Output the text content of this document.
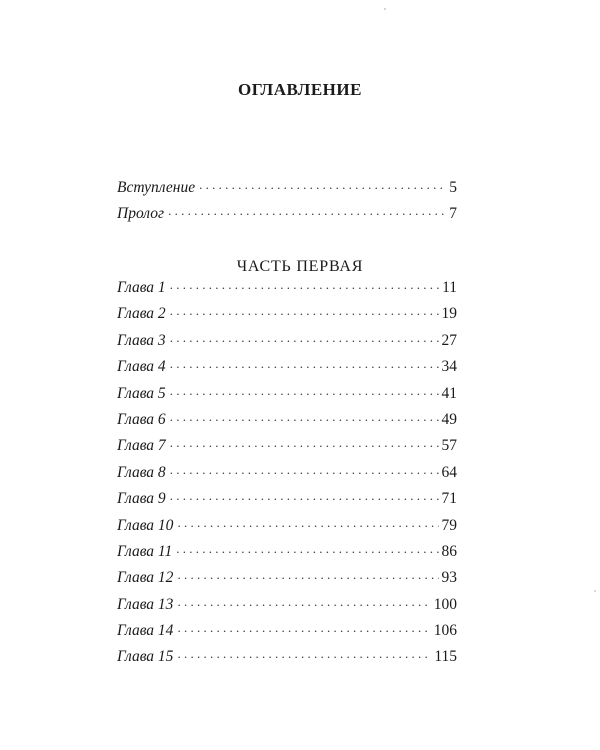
ОГЛАВЛЕНИЕ
Вступление . . .	5
Пролог . . .	7
ЧАСТЬ ПЕРВАЯ
Глава 1 . . .	11
Глава 2 . . .	19
Глава 3 . . .	27
Глава 4 . . .	34
Глава 5 . . .	41
Глава 6 . . .	49
Глава 7 . . .	57
Глава 8 . . .	64
Глава 9 . . .	71
Глава 10 . . .	79
Глава 11 . . .	86
Глава 12 . . .	93
Глава 13 . . .	100
Глава 14 . . .	106
Глава 15 . . .	115
